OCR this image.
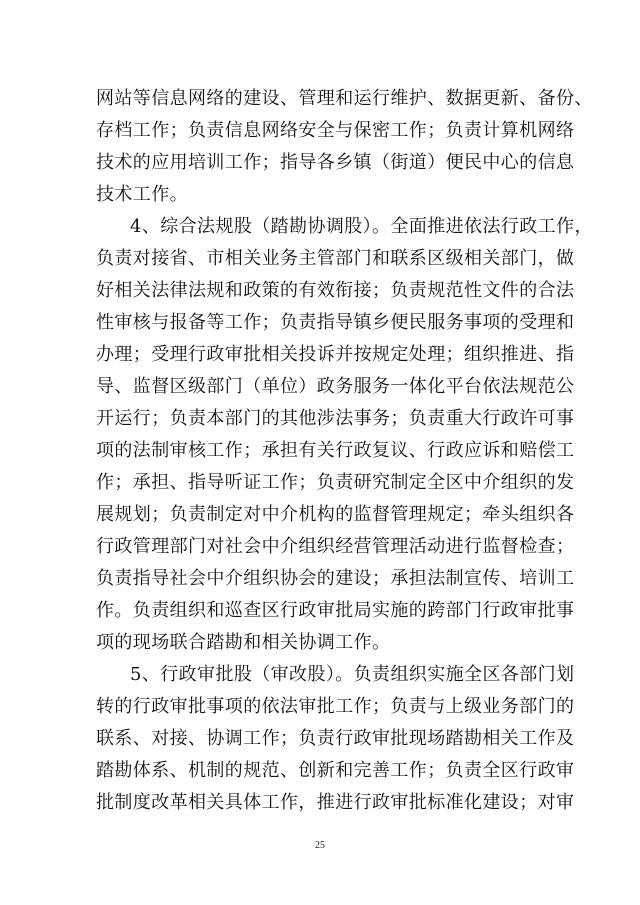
网站等信息网络的建设、管理和运行维护、数据更新、备份、
存档工作；负责信息网络安全与保密工作；负责计算机网络
技术的应用培训工作；指导各乡镇（街道）便民中心的信息
技术工作。
4、综合法规股（踏勘协调股）。全面推进依法行政工作，
负责对接省、市相关业务主管部门和联系区级相关部门，做
好相关法律法规和政策的有效衔接；负责规范性文件的合法
性审核与报备等工作；负责指导镇乡便民服务事项的受理和
办理；受理行政审批相关投诉并按规定处理；组织推进、指
导、监督区级部门（单位）政务服务一体化平台依法规范公
开运行；负责本部门的其他涉法事务；负责重大行政许可事
项的法制审核工作；承担有关行政复议、行政应诉和赔偿工
作；承担、指导听证工作；负责研究制定全区中介组织的发
展规划；负责制定对中介机构的监督管理规定；牵头组织各
行政管理部门对社会中介组织经营管理活动进行监督检查；
负责指导社会中介组织协会的建设；承担法制宣传、培训工
作。负责组织和巡查区行政审批局实施的跨部门行政审批事
项的现场联合踏勘和相关协调工作。
5、行政审批股（审改股）。负责组织实施全区各部门划
转的行政审批事项的依法审批工作；负责与上级业务部门的
联系、对接、协调工作；负责行政审批现场踏勘相关工作及
踏勘体系、机制的规范、创新和完善工作；负责全区行政审
批制度改革相关具体工作，推进行政审批标准化建设；对审
25
